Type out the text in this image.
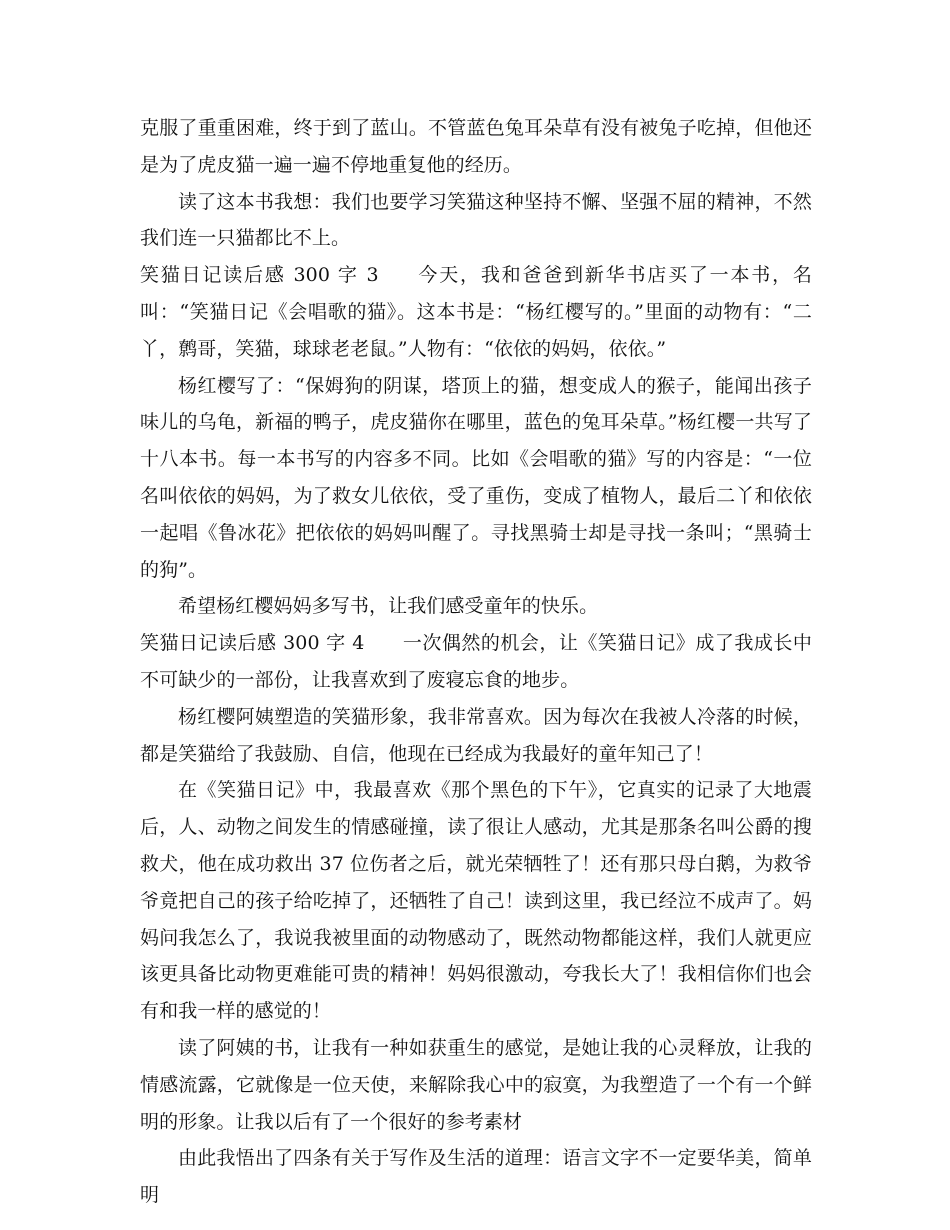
克服了重重困难，终于到了蓝山。不管蓝色兔耳朵草有没有被兔子吃掉，但他还是为了虎皮猫一遍一遍不停地重复他的经历。

读了这本书我想：我们也要学习笑猫这种坚持不懈、坚强不屈的精神，不然我们连一只猫都比不上。

笑猫日记读后感 300 字 3 今天，我和爸爸到新华书店买了一本书，名叫：“笑猫日记《会唱歌的猫》。这本书是：“杨红樱写的。”里面的动物有：“二丫，鹩哥，笑猫，球球老老鼠。”人物有：“依依的妈妈，依依。”

杨红樱写了：“保姆狗的阴谋，塔顶上的猫，想变成人的猴子，能闻出孩子味儿的乌龟，新福的鸭子，虎皮猫你在哪里，蓝色的兔耳朵草。”杨红樱一共写了十八本书。每一本书写的内容多不同。比如《会唱歌的猫》写的内容是：“一位名叫依依的妈妈，为了救女儿依依，受了重伤，变成了植物人，最后二丫和依依一起唱《鲁冰花》把依依的妈妈叫醒了。寻找黑骑士却是寻找一条叫；“黑骑士的狗”。

希望杨红樱妈妈多写书，让我们感受童年的快乐。

笑猫日记读后感 300 字 4 一次偶然的机会，让《笑猫日记》成了我成长中不可缺少的一部份，让我喜欢到了废寝忘食的地步。

杨红樱阿姨塑造的笑猫形象，我非常喜欢。因为每次在我被人冷落的时候，都是笑猫给了我鼓励、自信，他现在已经成为我最好的童年知己了！

在《笑猫日记》中，我最喜欢《那个黑色的下午》，它真实的记录了大地震后，人、动物之间发生的情感碰撞，读了很让人感动，尤其是那条名叫公爵的搜救犬，他在成功救出 37 位伤者之后，就光荣牺牲了！还有那只母白鹅，为救爷爷竟把自己的孩子给吃掉了，还牺牲了自己！读到这里，我已经泣不成声了。妈妈问我怎么了，我说我被里面的动物感动了，既然动物都能这样，我们人就更应该更具备比动物更难能可贵的精神！妈妈很激动，夸我长大了！我相信你们也会有和我一样的感觉的！

读了阿姨的书，让我有一种如获重生的感觉，是她让我的心灵释放，让我的情感流露，它就像是一位天使，来解除我心中的寂寞，为我塑造了一个有一个鲜明的形象。让我以后有了一个很好的参考素材

由此我悟出了四条有关于写作及生活的道理：语言文字不一定要华美，简单明
